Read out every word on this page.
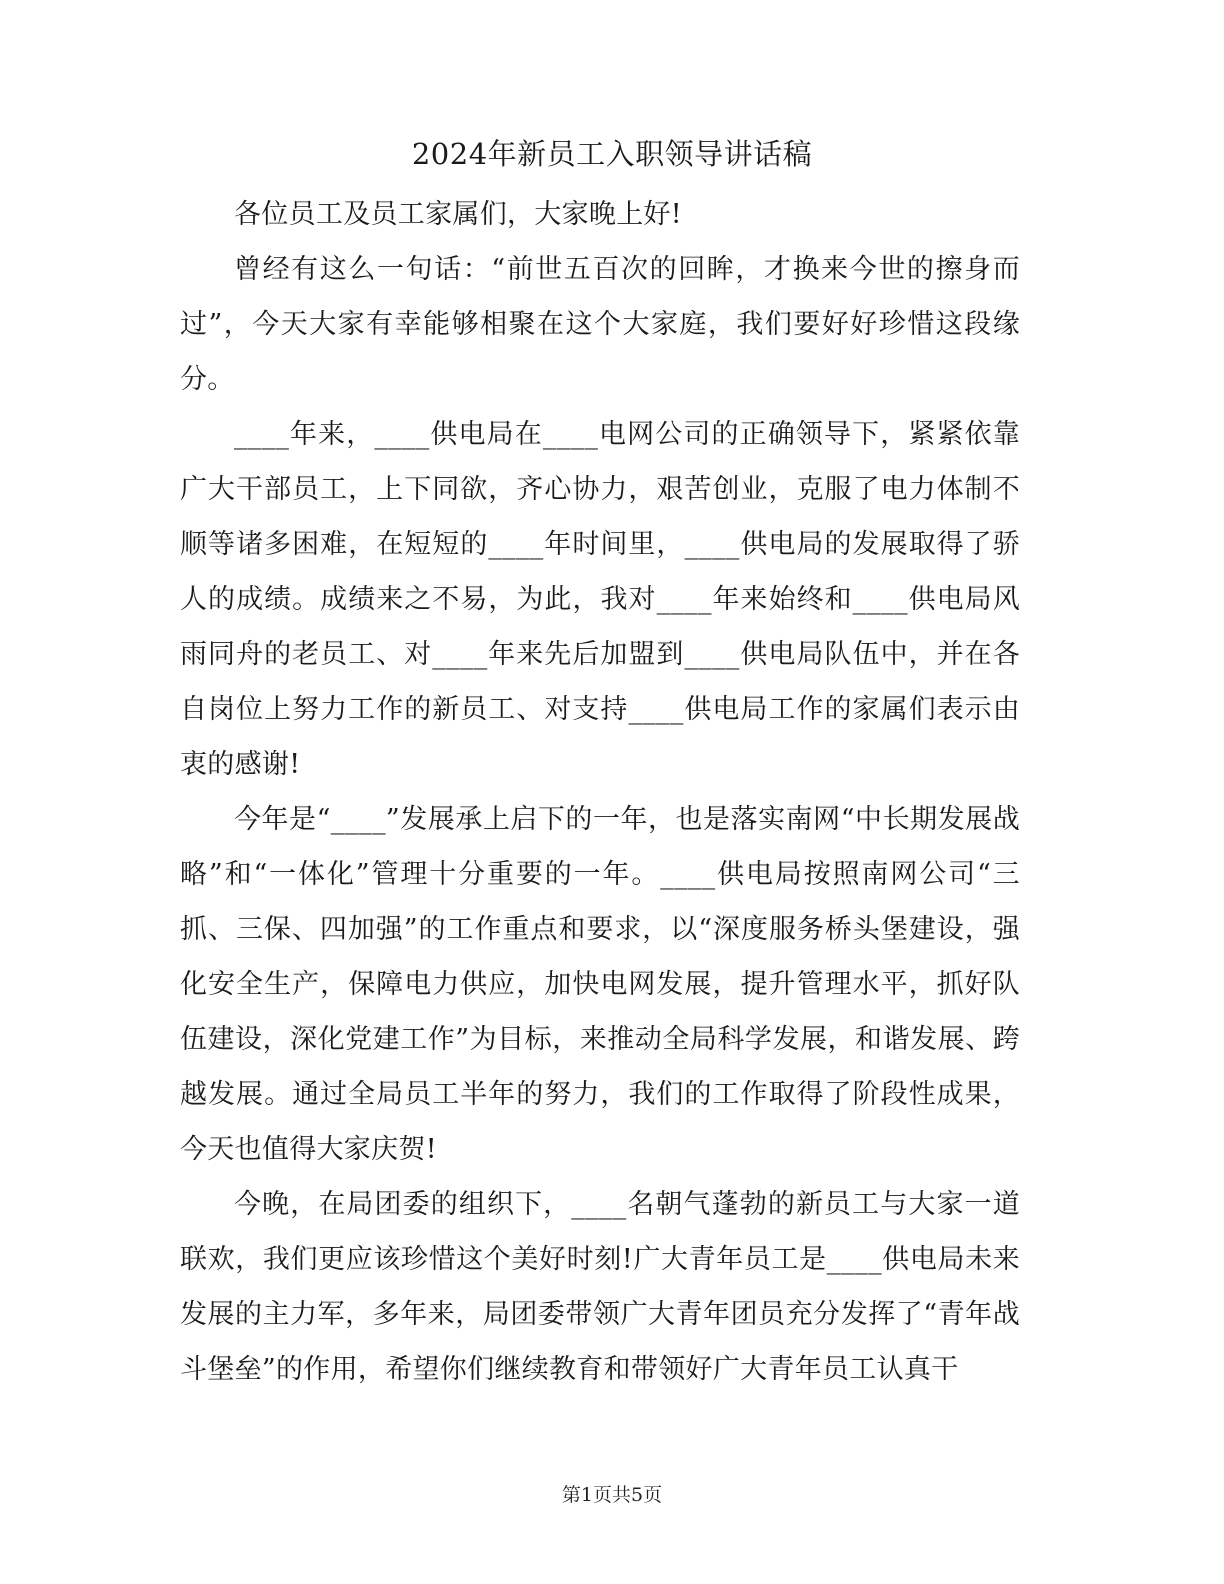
2024年新员工入职领导讲话稿

各位员工及员工家属们，大家晚上好!

曾经有这么一句话：“前世五百次的回眸，才换来今世的擦身而过”，今天大家有幸能够相聚在这个大家庭，我们要好好珍惜这段缘分。

____年来，____供电局在____电网公司的正确领导下，紧紧依靠广大干部员工，上下同欲，齐心协力，艰苦创业，克服了电力体制不顺等诸多困难，在短短的____年时间里，____供电局的发展取得了骄人的成绩。成绩来之不易，为此，我对____年来始终和____供电局风雨同舟的老员工、对____年来先后加盟到____供电局队伍中，并在各自岗位上努力工作的新员工、对支持____供电局工作的家属们表示由衷的感谢!

今年是“____”发展承上启下的一年，也是落实南网“中长期发展战略”和“一体化”管理十分重要的一年。____供电局按照南网公司“三抓、三保、四加强”的工作重点和要求，以“深度服务桥头堡建设，强化安全生产，保障电力供应，加快电网发展，提升管理水平，抓好队伍建设，深化党建工作”为目标，来推动全局科学发展，和谐发展、跨越发展。通过全局员工半年的努力，我们的工作取得了阶段性成果，今天也值得大家庆贺!

今晚，在局团委的组织下，____名朝气蓬勃的新员工与大家一道联欢，我们更应该珍惜这个美好时刻!广大青年员工是____供电局未来发展的主力军，多年来，局团委带领广大青年团员充分发挥了“青年战斗堡垒”的作用，希望你们继续教育和带领好广大青年员工认真干

第1页共5页
